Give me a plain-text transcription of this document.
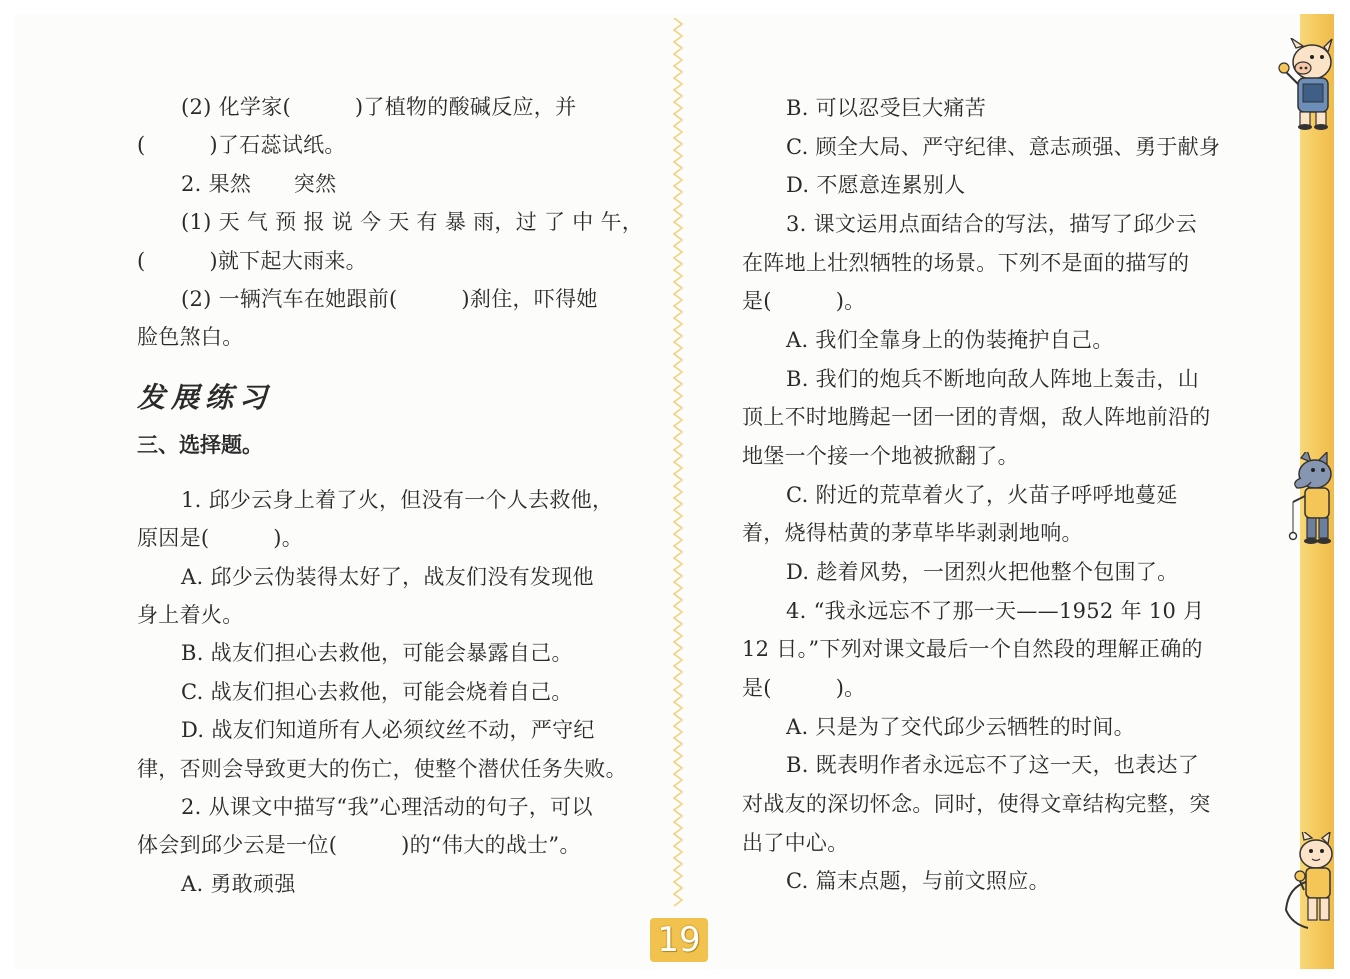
(2) 化学家(　　　)了植物的酸碱反应，并
(　　　)了石蕊试纸。
2. 果然　　突然
(1) 天 气 预 报 说 今 天 有 暴 雨，过 了 中 午，
(　　　)就下起大雨来。
(2) 一辆汽车在她跟前(　　　)刹住，吓得她
脸色煞白。
发展练习
三、选择题。
1. 邱少云身上着了火，但没有一个人去救他，
原因是(　　　)。
A. 邱少云伪装得太好了，战友们没有发现他
身上着火。
B. 战友们担心去救他，可能会暴露自己。
C. 战友们担心去救他，可能会烧着自己。
D. 战友们知道所有人必须纹丝不动，严守纪
律，否则会导致更大的伤亡，使整个潜伏任务失败。
2. 从课文中描写“我”心理活动的句子，可以
体会到邱少云是一位(　　　)的“伟大的战士”。
A. 勇敢顽强
B. 可以忍受巨大痛苦
C. 顾全大局、严守纪律、意志顽强、勇于献身
D. 不愿意连累别人
3. 课文运用点面结合的写法，描写了邱少云
在阵地上壮烈牺牲的场景。下列不是面的描写的
是(　　　)。
A. 我们全靠身上的伪装掩护自己。
B. 我们的炮兵不断地向敌人阵地上轰击，山
顶上不时地腾起一团一团的青烟，敌人阵地前沿的
地堡一个接一个地被掀翻了。
C. 附近的荒草着火了，火苗子呼呼地蔓延
着，烧得枯黄的茅草毕毕剥剥地响。
D. 趁着风势，一团烈火把他整个包围了。
4. “我永远忘不了那一天——1952 年 10 月
12 日。”下列对课文最后一个自然段的理解正确的
是(　　　)。
A. 只是为了交代邱少云牺牲的时间。
B. 既表明作者永远忘不了这一天，也表达了
对战友的深切怀念。同时，使得文章结构完整，突
出了中心。
C. 篇末点题，与前文照应。
19
